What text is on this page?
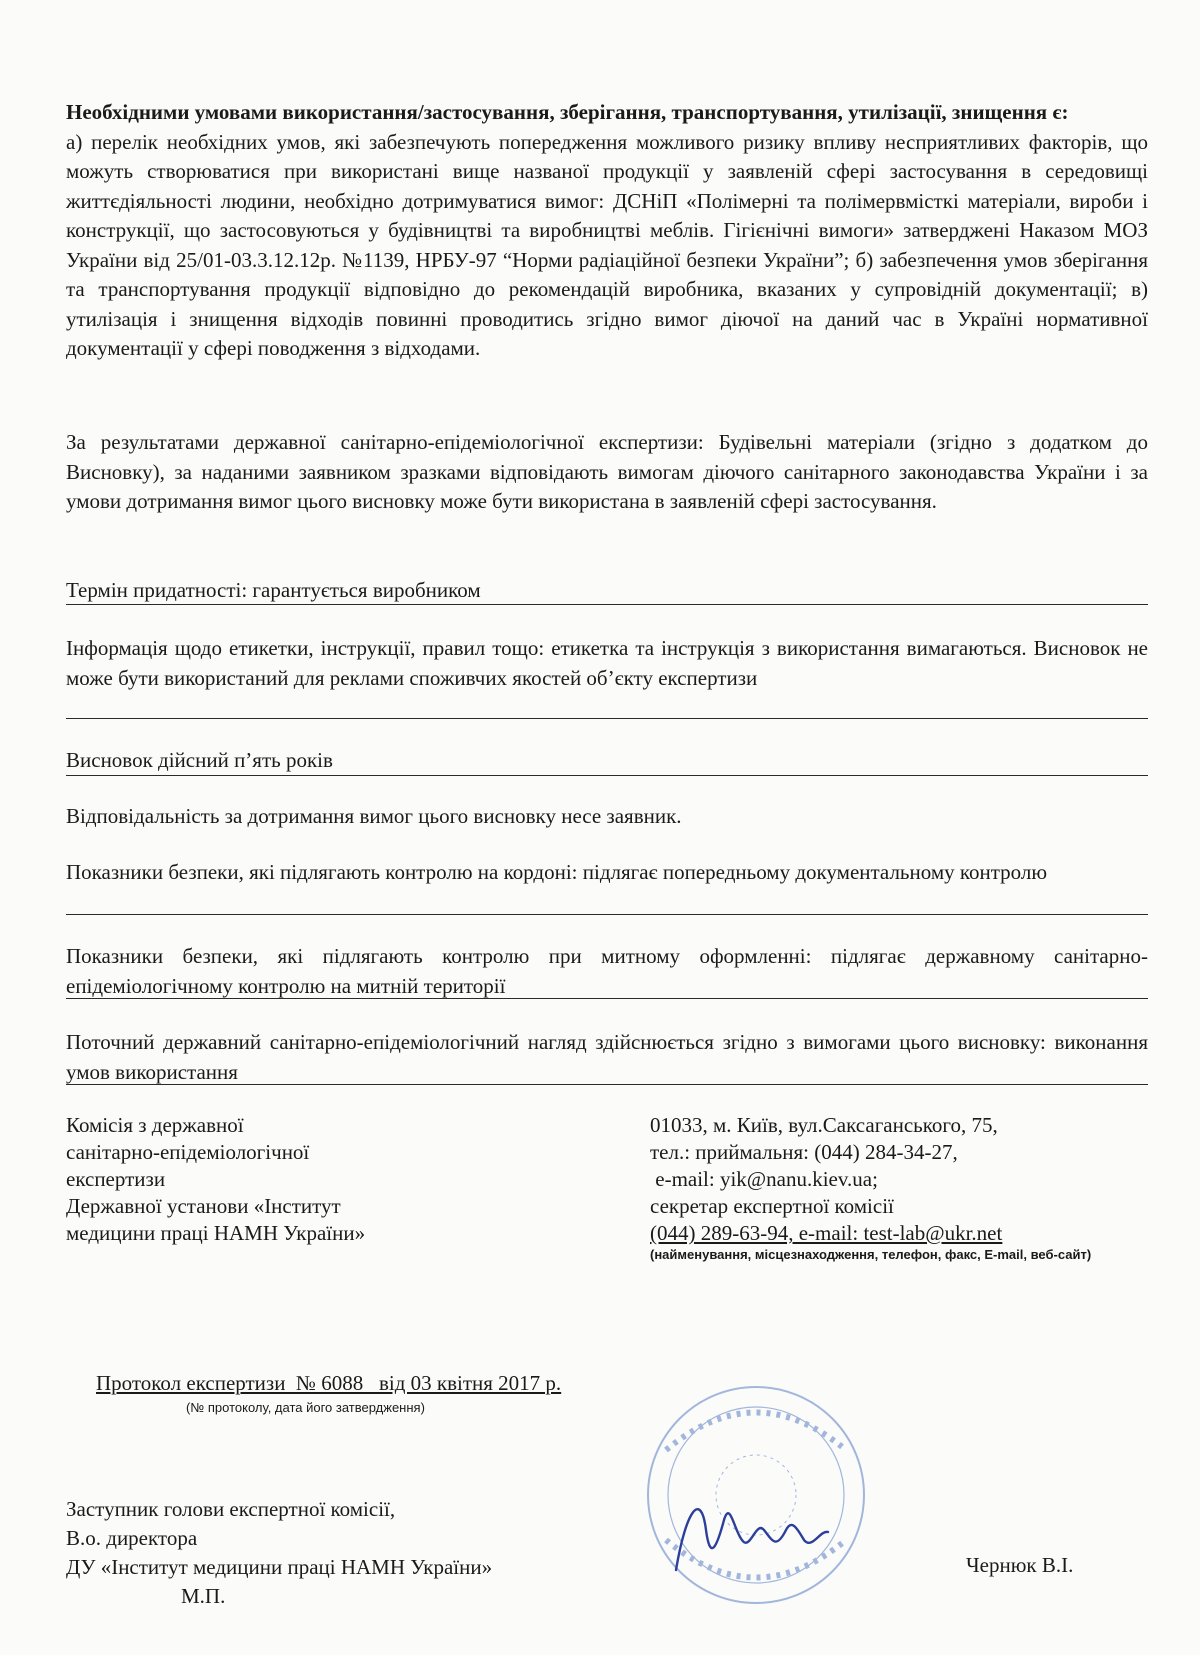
Необхідними умовами використання/застосування, зберігання, транспортування, утилізації, знищення є:
а) перелік необхідних умов, які забезпечують попередження можливого ризику впливу несприятливих факторів, що можуть створюватися при використані вище названої продукції у заявленій сфері застосування в середовищі життєдіяльності людини, необхідно дотримуватися вимог: ДСНіП «Полімерні та полімервмісткі матеріали, вироби і конструкції, що застосовуються у будівництві та виробництві меблів. Гігієнічні вимоги» затверджені Наказом МОЗ України від 25/01-03.3.12.12р. №1139, НРБУ-97 “Норми радіаційної безпеки України”; б) забезпечення умов зберігання та транспортування продукції відповідно до рекомендацій виробника, вказаних у супровідній документації; в) утилізація і знищення відходів повинні проводитись згідно вимог діючої на даний час в Україні нормативної документації у сфері поводження з відходами.
За результатами державної санітарно-епідеміологічної експертизи: Будівельні матеріали (згідно з додатком до Висновку), за наданими заявником зразками відповідають вимогам діючого санітарного законодавства України і за умови дотримання вимог цього висновку може бути використана в заявленій сфері застосування.
Термін придатності: гарантується виробником
Інформація щодо етикетки, інструкції, правил тощо: етикетка та інструкція з використання вимагаються. Висновок не може бути використаний для реклами споживчих якостей об’єкту експертизи
Висновок дійсний п’ять років
Відповідальність за дотримання вимог цього висновку несе заявник.
Показники безпеки, які підлягають контролю на кордоні: підлягає попередньому документальному контролю
Показники безпеки, які підлягають контролю при митному оформленні: підлягає державному санітарно-епідеміологічному контролю на митній території
Поточний державний санітарно-епідеміологічний нагляд здійснюється згідно з вимогами цього висновку: виконання умов використання
Комісія з державної
санітарно-епідеміологічної
експертизи
Державної установи «Інститут
медицини праці НАМН України»
01033, м. Київ, вул.Саксаганського, 75,
тел.: приймальня: (044) 284-34-27,
e-mail: yik@nanu.kiev.ua;
секретар експертної комісії
(044) 289-63-94, e-mail: test-lab@ukr.net
(найменування, місцезнаходження, телефон, факс, E-mail, веб-сайт)
Протокол експертизи  № 6088   від 03 квітня 2017 р.
(№ протоколу, дата його затвердження)
Заступник голови експертної комісії,
В.о. директора
ДУ «Інститут медицини праці НАМН України»
М.П.
Чернюк В.І.
